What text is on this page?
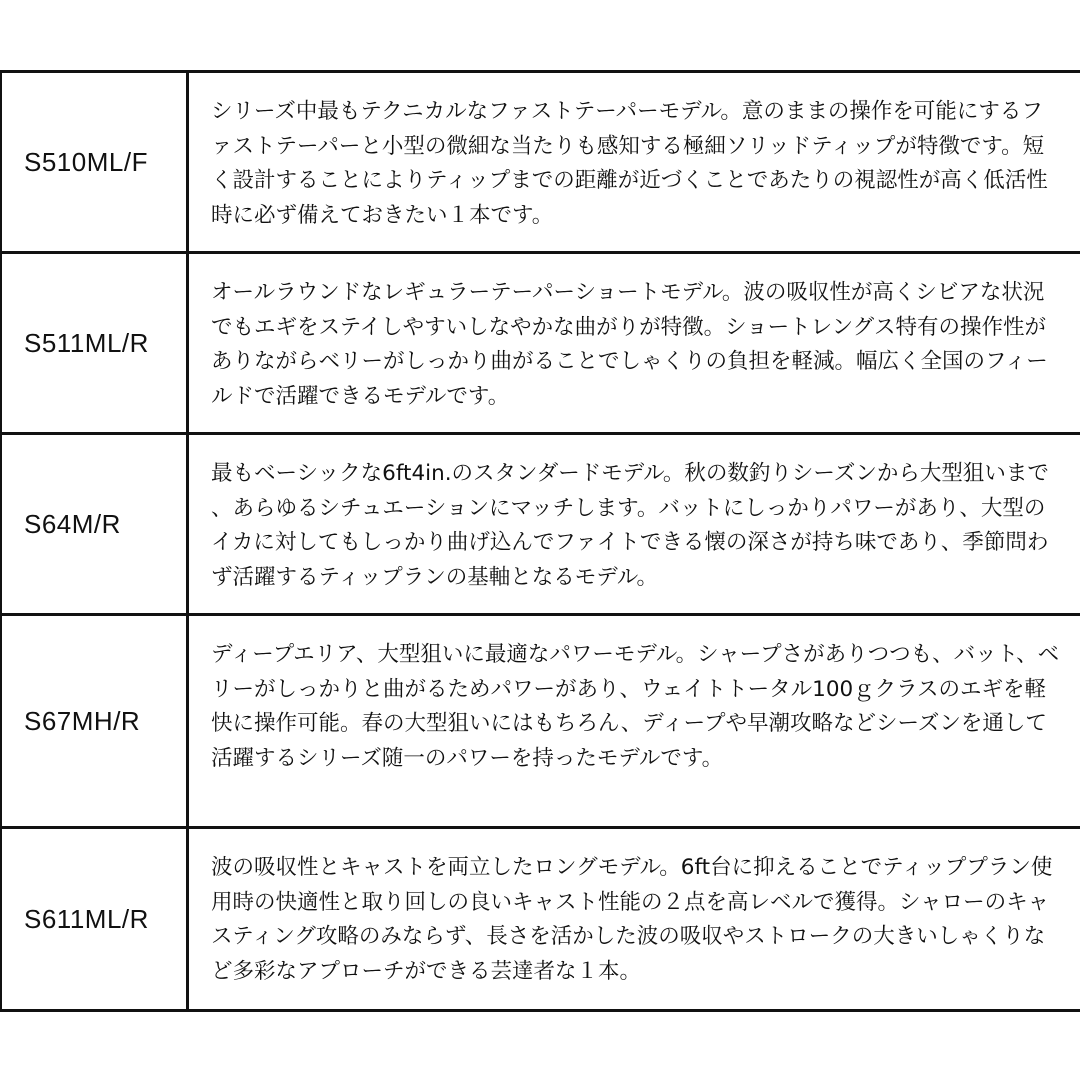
S510ML/F
シリーズ中最もテクニカルなファストテーパーモデル。意のままの操作を可能にするファストテーパーと小型の微細な当たりも感知する極細ソリッドティップが特徴です。短く設計することによりティップまでの距離が近づくことであたりの視認性が高く低活性時に必ず備えておきたい１本です。
S511ML/R
オールラウンドなレギュラーテーパーショートモデル。波の吸収性が高くシビアな状況でもエギをステイしやすいしなやかな曲がりが特徴。ショートレングス特有の操作性がありながらベリーがしっかり曲がることでしゃくりの負担を軽減。幅広く全国のフィールドで活躍できるモデルです。
S64M/R
最もベーシックな6ft4in.のスタンダードモデル。秋の数釣りシーズンから大型狙いまで、あらゆるシチュエーションにマッチします。バットにしっかりパワーがあり、大型のイカに対してもしっかり曲げ込んでファイトできる懐の深さが持ち味であり、季節問わず活躍するティップランの基軸となるモデル。
S67MH/R
ディープエリア、大型狙いに最適なパワーモデル。シャープさがありつつも、バット、ベリーがしっかりと曲がるためパワーがあり、ウェイトトータル100ｇクラスのエギを軽快に操作可能。春の大型狙いにはもちろん、ディープや早潮攻略などシーズンを通して活躍するシリーズ随一のパワーを持ったモデルです。
S611ML/R
波の吸収性とキャストを両立したロングモデル。6ft台に抑えることでティッププラン使用時の快適性と取り回しの良いキャスト性能の２点を高レベルで獲得。シャローのキャスティング攻略のみならず、長さを活かした波の吸収やストロークの大きいしゃくりなど多彩なアプローチができる芸達者な１本。
